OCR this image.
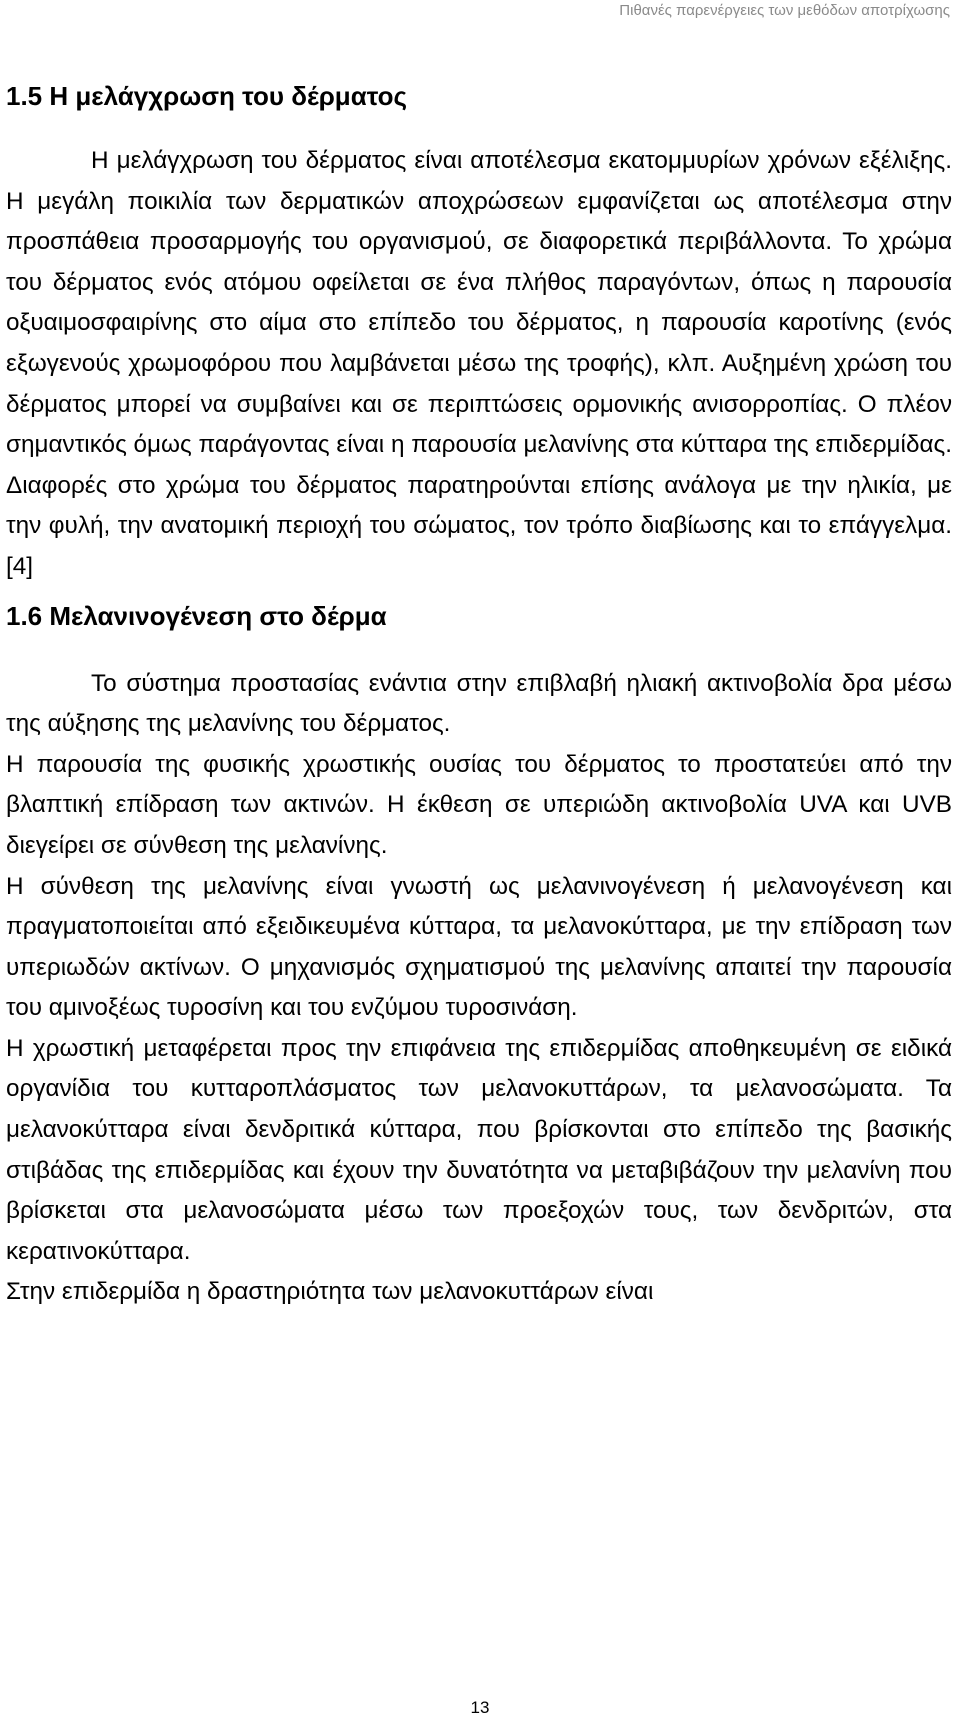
Πιθανές παρενέργειες των μεθόδων αποτρίχωσης
1.5 Η μελάγχρωση του δέρματος

Η μελάγχρωση του δέρματος είναι αποτέλεσμα εκατομμυρίων χρόνων εξέλιξης. Η μεγάλη ποικιλία των δερματικών αποχρώσεων εμφανίζεται ως αποτέλεσμα στην προσπάθεια προσαρμογής του οργανισμού, σε διαφορετικά περιβάλλοντα. Το χρώμα του δέρματος ενός ατόμου οφείλεται σε ένα πλήθος παραγόντων, όπως η παρουσία οξυαιμοσφαιρίνης στο αίμα στο επίπεδο του δέρματος, η παρουσία καροτίνης (ενός εξωγενούς χρωμοφόρου που λαμβάνεται μέσω της τροφής), κλπ. Αυξημένη χρώση του δέρματος μπορεί να συμβαίνει και σε περιπτώσεις ορμονικής ανισορροπίας. Ο πλέον σημαντικός όμως παράγοντας είναι η παρουσία μελανίνης στα κύτταρα της επιδερμίδας.

Διαφορές στο χρώμα του δέρματος παρατηρούνται επίσης ανάλογα με την ηλικία, με την φυλή, την ανατομική περιοχή του σώματος, τον τρόπο διαβίωσης και το επάγγελμα. [4]

1.6 Μελανινογένεση στο δέρμα

Το σύστημα προστασίας ενάντια στην επιβλαβή ηλιακή ακτινοβολία δρα μέσω της αύξησης της μελανίνης του δέρματος.

Η παρουσία της φυσικής χρωστικής ουσίας του δέρματος το προστατεύει από την βλαπτική επίδραση των ακτινών. Η έκθεση σε υπεριώδη ακτινοβολία UVA και UVB διεγείρει σε σύνθεση της μελανίνης.

Η σύνθεση της μελανίνης είναι γνωστή ως μελανινογένεση ή μελανογένεση και πραγματοποιείται από εξειδικευμένα κύτταρα, τα μελανοκύτταρα, με την επίδραση των υπεριωδών ακτίνων. Ο μηχανισμός σχηματισμού της μελανίνης απαιτεί την παρουσία του αμινοξέως τυροσίνη και του ενζύμου τυροσινάση.

Η χρωστική μεταφέρεται προς την επιφάνεια της επιδερμίδας αποθηκευμένη σε ειδικά οργανίδια του κυτταροπλάσματος των μελανοκυττάρων, τα μελανοσώματα. Τα μελανοκύτταρα είναι δενδριτικά κύτταρα, που βρίσκονται στο επίπεδο της βασικής στιβάδας της επιδερμίδας και έχουν την δυνατότητα να μεταβιβάζουν την μελανίνη που βρίσκεται στα μελανοσώματα μέσω των προεξοχών τους, των δενδριτών, στα κερατινοκύτταρα.

Στην επιδερμίδα η δραστηριότητα των μελανοκυττάρων είναι

13
